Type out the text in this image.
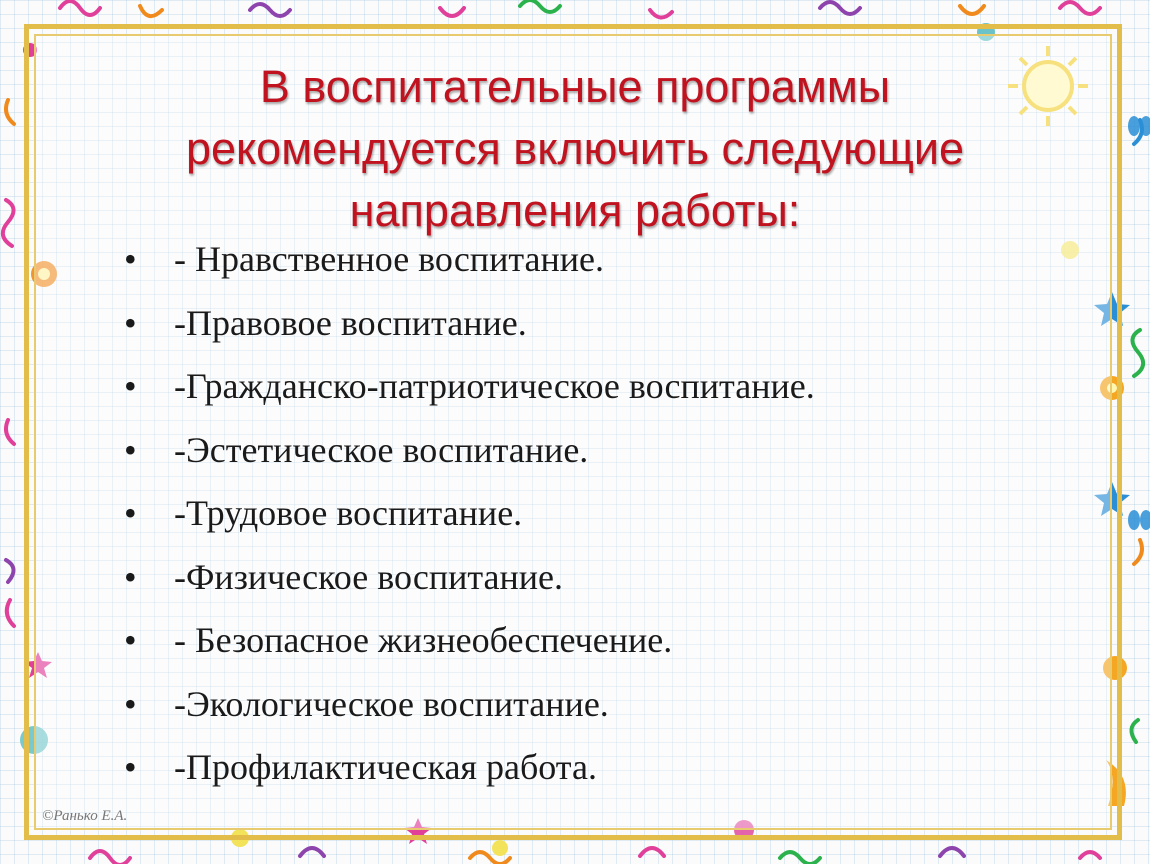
В воспитательные программы
рекомендуется включить следующие
направления работы:
• - Нравственное воспитание.
• -Правовое воспитание.
• -Гражданско-патриотическое воспитание.
• -Эстетическое воспитание.
• -Трудовое воспитание.
• -Физическое воспитание.
• - Безопасное жизнеобеспечение.
• -Экологическое воспитание.
• -Профилактическая работа.
©Ранько Е.А.
